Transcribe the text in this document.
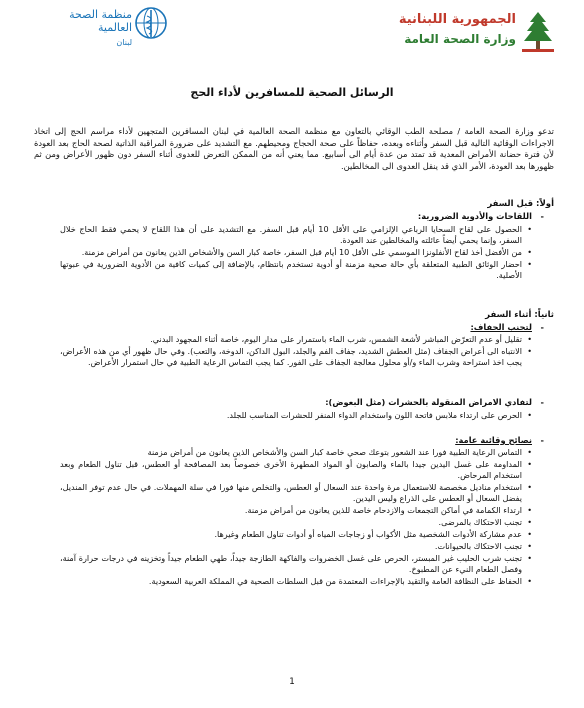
الجمهورية اللبنانية
وزارة الصحة العامة
منظمة الصحة العالمية
لبنان
الرسائل الصحية للمسافرين لأداء الحج
تدعو وزارة الصحة العامة / مصلحة الطب الوقائي بالتعاون مع منظمة الصحة العالمية في لبنان المسافرين المتجهين لأداء مراسم الحج إلى اتخاذ الاجراءات الوقائية التالية قبل السفر وأثناءه وبعده، حفاظاً على صحة الحجاج ومحيطهم. مع التشديد على ضرورة المراقبة الذاتية لصحة الحاج بعد العودة لأن فترة حضانة الأمراض المعدية قد تمتد من عدة أيام الى أسابيع. مما يعني أنه من الممكن التعرض للعدوى أثناء السفر دون ظهور الأعراض ومن ثم ظهورها بعد العودة، الأمر الذي قد ينقل العدوى الى المخالطين.
أولاً: قبل السفر
- اللقاحات والأدوية الضرورية:
• الحصول على لقاح السحايا الرباعي الإلزامي على الأقل 10 أيام قبل السفر. مع التشديد على أن هذا اللقاح لا يحمي فقط الحاج خلال السفر، وإنما يحمي أيضاً عائلته والمخالطين عند العودة.
• من الأفضل أخذ لقاح الأنفلونزا الموسمي على الأقل 10 أيام قبل السفر، خاصة كبار السن والأشخاص الذين يعانون من أمراض مزمنة.
• احضار الوثائق الطبية المتعلقة بأي حالة صحية مزمنة أو أدوية تستخدم بانتظام، بالإضافة إلى كميات كافية من الأدوية الضرورية في عبوتها الأصلية.
ثانياً: أثناء السفر
- لتجنب الجفاف:
• تقليل أو عدم التعرّض المباشر لأشعة الشمس، شرب الماء باستمرار على مدار اليوم، خاصة أثناء المجهود البدني.
• الانتباه الى أعراض الجفاف (مثل العطش الشديد، جفاف الفم والجلد، البول الداكن، الدوخة، والتعب). وفي حال ظهور أي من هذه الأعراض، يجب اخذ استراحة وشرب الماء و/أو محلول معالجة الجفاف على الفور. كما يجب التماس الرعاية الطبية في حال استمرار الأعراض.
- لتفادي الامراض المنقولة بالحشرات (مثل البعوض):
• الحرص على ارتداء ملابس فاتحة اللون واستخدام الدواء المنفر للحشرات المناسب للجلد.
- نصائح وقائية عامة:
• التماس الرعاية الطبية فورا عند الشعور بتوعك صحي خاصة كبار السن والأشخاص الذين يعانون من أمراض مزمنة
• المداومة على غسل اليدين جيدا بالماء والصابون أو المواد المطهرة الأخرى خصوصاً بعد المصافحة أو العطس، قبل تناول الطعام وبعد استخدام المرحاض.
• استخدام مناديل مخصصة للاستعمال مرة واحدة عند السعال أو العطس، والتخلص منها فورا في سلة المهملات. في حال عدم توفر المنديل، يفضل السعال أو العطس على الذراع وليس اليدين.
• ارتداء الكمامة في أماكن التجمعات والازدحام خاصة للذين يعانون من أمراض مزمنة.
• تجنب الاحتكاك بالمرضى.
• عدم مشاركة الأدوات الشخصية مثل الأكواب أو زجاجات المياه أو أدوات تناول الطعام وغيرها.
• تجنب الاحتكاك بالحيوانات.
• تجنب شرب الحليب غير المبستر، الحرص على غسل الخضروات والفاكهة الطازجة جيداً، طهي الطعام جيداً وتخزينه في درجات حرارة آمنة، وفصل الطعام النيء عن المطبوخ.
• الحفاظ على النظافة العامة والتقيد بالإجراءات المعتمدة من قبل السلطات الصحية في المملكة العربية السعودية.
1
